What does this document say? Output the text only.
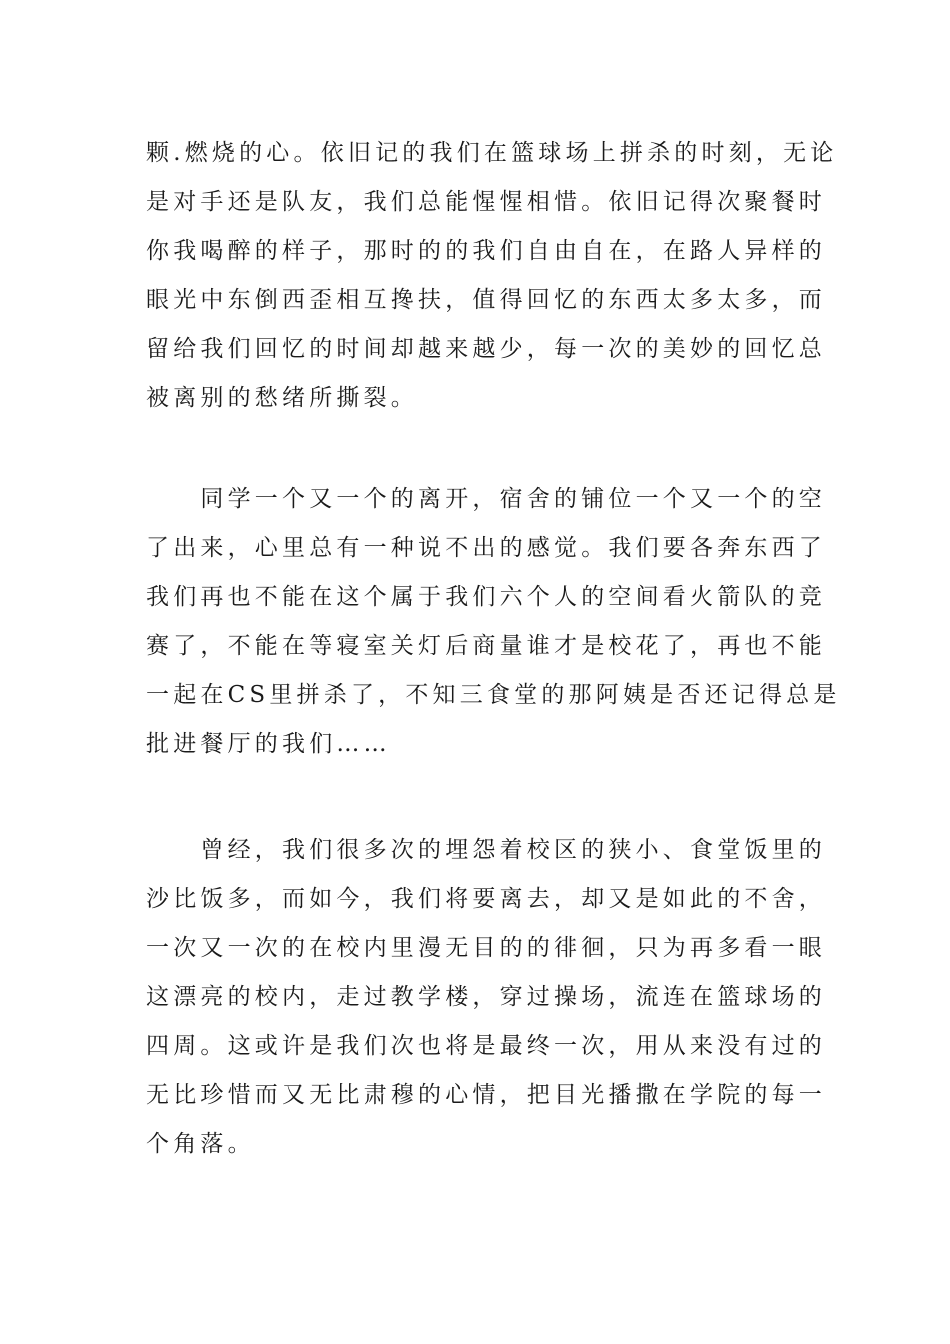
颗.燃烧的心。依旧记的我们在篮球场上拼杀的时刻，无论
是对手还是队友，我们总能惺惺相惜。依旧记得次聚餐时
你我喝醉的样子，那时的的我们自由自在，在路人异样的
眼光中东倒西歪相互搀扶，值得回忆的东西太多太多，而
留给我们回忆的时间却越来越少，每一次的美妙的回忆总
被离别的愁绪所撕裂。

　　同学一个又一个的离开，宿舍的铺位一个又一个的空
了出来，心里总有一种说不出的感觉。我们要各奔东西了
我们再也不能在这个属于我们六个人的空间看火箭队的竞
赛了，不能在等寝室关灯后商量谁才是校花了，再也不能
一起在CS里拼杀了，不知三食堂的那阿姨是否还记得总是
批进餐厅的我们……

　　曾经，我们很多次的埋怨着校区的狭小、食堂饭里的
沙比饭多，而如今，我们将要离去，却又是如此的不舍，
一次又一次的在校内里漫无目的的徘徊，只为再多看一眼
这漂亮的校内，走过教学楼，穿过操场，流连在篮球场的
四周。这或许是我们次也将是最终一次，用从来没有过的
无比珍惜而又无比肃穆的心情，把目光播撒在学院的每一
个角落。
